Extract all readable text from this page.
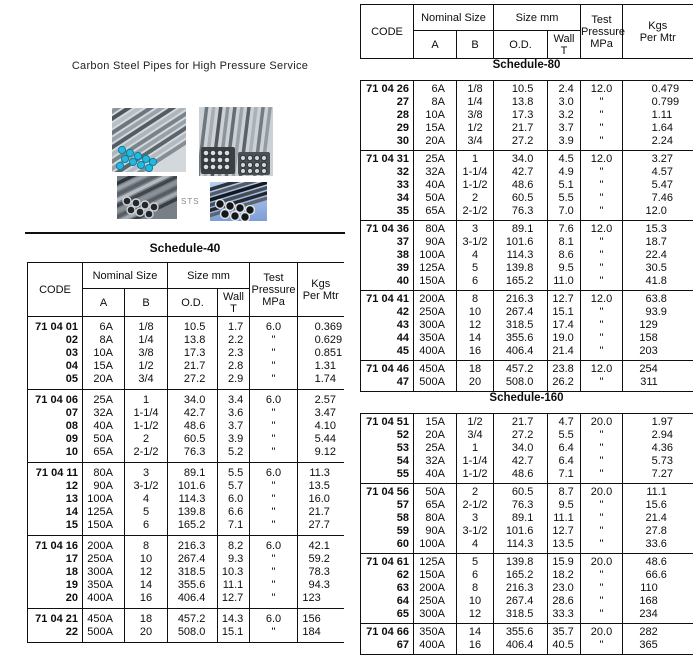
Carbon Steel Pipes for High Pressure Service
STS
Schedule-40
CODE	Nominal Size		Size mm		Test
Pressure
MPa	Kgs
Per Mtr
	A	B	O.D.	Wall
T		
71 04 01	6A	1/8	10 .5	1 .7	6.0	0 .369

02	8A	1/4	13 .8	2 .2	"	0 .629

03	10A	3/8	17 .3	2 .3	"	0 .851

04	15A	1/2	21 .7	2 .8	"	1 .31

05	20A	3/4	27 .2	2 .9	"	1 .74

71 04 06	25A	1	34 .0	3 .4	6.0	2 .57

07	32A	1-1/4	42 .7	3 .6	"	3 .47

08	40A	1-1/2	48 .6	3 .7	"	4 .10

09	50A	2	60 .5	3 .9	"	5 .44

10	65A	2-1/2	76 .3	5 .2	"	9 .12

71 04 11	80A	3	89 .1	5 .5	6.0	11 .3

12	90A	3-1/2	101 .6	5 .7	"	13 .5

13	100A	4	114 .3	6 .0	"	16 .0

14	125A	5	139 .8	6 .6	"	21 .7

15	150A	6	165 .2	7 .1	"	27 .7

71 04 16	200A	8	216 .3	8 .2	6.0	42 .1

17	250A	10	267 .4	9 .3	"	59 .2

18	300A	12	318 .5	10 .3	"	78 .3

19	350A	14	355 .6	11 .1	"	94 .3

20	400A	16	406 .4	12 .7	"	123

71 04 21	450A	18	457 .2	14 .3	6.0	156

22	500A	20	508 .0	15 .1	"	184
CODE	Nominal Size		Size mm		Test
Pressure
MPa	Kgs
Per Mtr
	A	B	O.D.	Wall
T		
Schedule-80						
71 04 26	6A	1/8	10 .5	2 .4	12.0	0 .479

27	8A	1/4	13 .8	3 .0	"	0 .799

28	10A	3/8	17 .3	3 .2	"	1 .11

29	15A	1/2	21 .7	3 .7	"	1 .64

30	20A	3/4	27 .2	3 .9	"	2 .24

71 04 31	25A	1	34 .0	4 .5	12.0	3 .27

32	32A	1-1/4	42 .7	4 .9	"	4 .57

33	40A	1-1/2	48 .6	5 .1	"	5 .47

34	50A	2	60 .5	5 .5	"	7 .46

35	65A	2-1/2	76 .3	7 .0	"	12 .0

71 04 36	80A	3	89 .1	7 .6	12.0	15 .3

37	90A	3-1/2	101 .6	8 .1	"	18 .7

38	100A	4	114 .3	8 .6	"	22 .4

39	125A	5	139 .8	9 .5	"	30 .5

40	150A	6	165 .2	11 .0	"	41 .8

71 04 41	200A	8	216 .3	12 .7	12.0	63 .8

42	250A	10	267 .4	15 .1	"	93 .9

43	300A	12	318 .5	17 .4	"	129

44	350A	14	355 .6	19 .0	"	158

45	400A	16	406 .4	21 .4	"	203

71 04 46	450A	18	457 .2	23 .8	12.0	254

47	500A	20	508 .0	26 .2	"	311

Schedule-160						
71 04 51	15A	1/2	21 .7	4 .7	20.0	1 .97

52	20A	3/4	27 .2	5 .5	"	2 .94

53	25A	1	34 .0	6 .4	"	4 .36

54	32A	1-1/4	42 .7	6 .4	"	5 .73

55	40A	1-1/2	48 .6	7 .1	"	7 .27

71 04 56	50A	2	60 .5	8 .7	20.0	11 .1

57	65A	2-1/2	76 .3	9 .5	"	15 .6

58	80A	3	89 .1	11 .1	"	21 .4

59	90A	3-1/2	101 .6	12 .7	"	27 .8

60	100A	4	114 .3	13 .5	"	33 .6

71 04 61	125A	5	139 .8	15 .9	20.0	48 .6

62	150A	6	165 .2	18 .2	"	66 .6

63	200A	8	216 .3	23 .0	"	110

64	250A	10	267 .4	28 .6	"	168

65	300A	12	318 .5	33 .3	"	234

71 04 66	350A	14	355 .6	35 .7	20.0	282

67	400A	16	406 .4	40 .5	"	365
